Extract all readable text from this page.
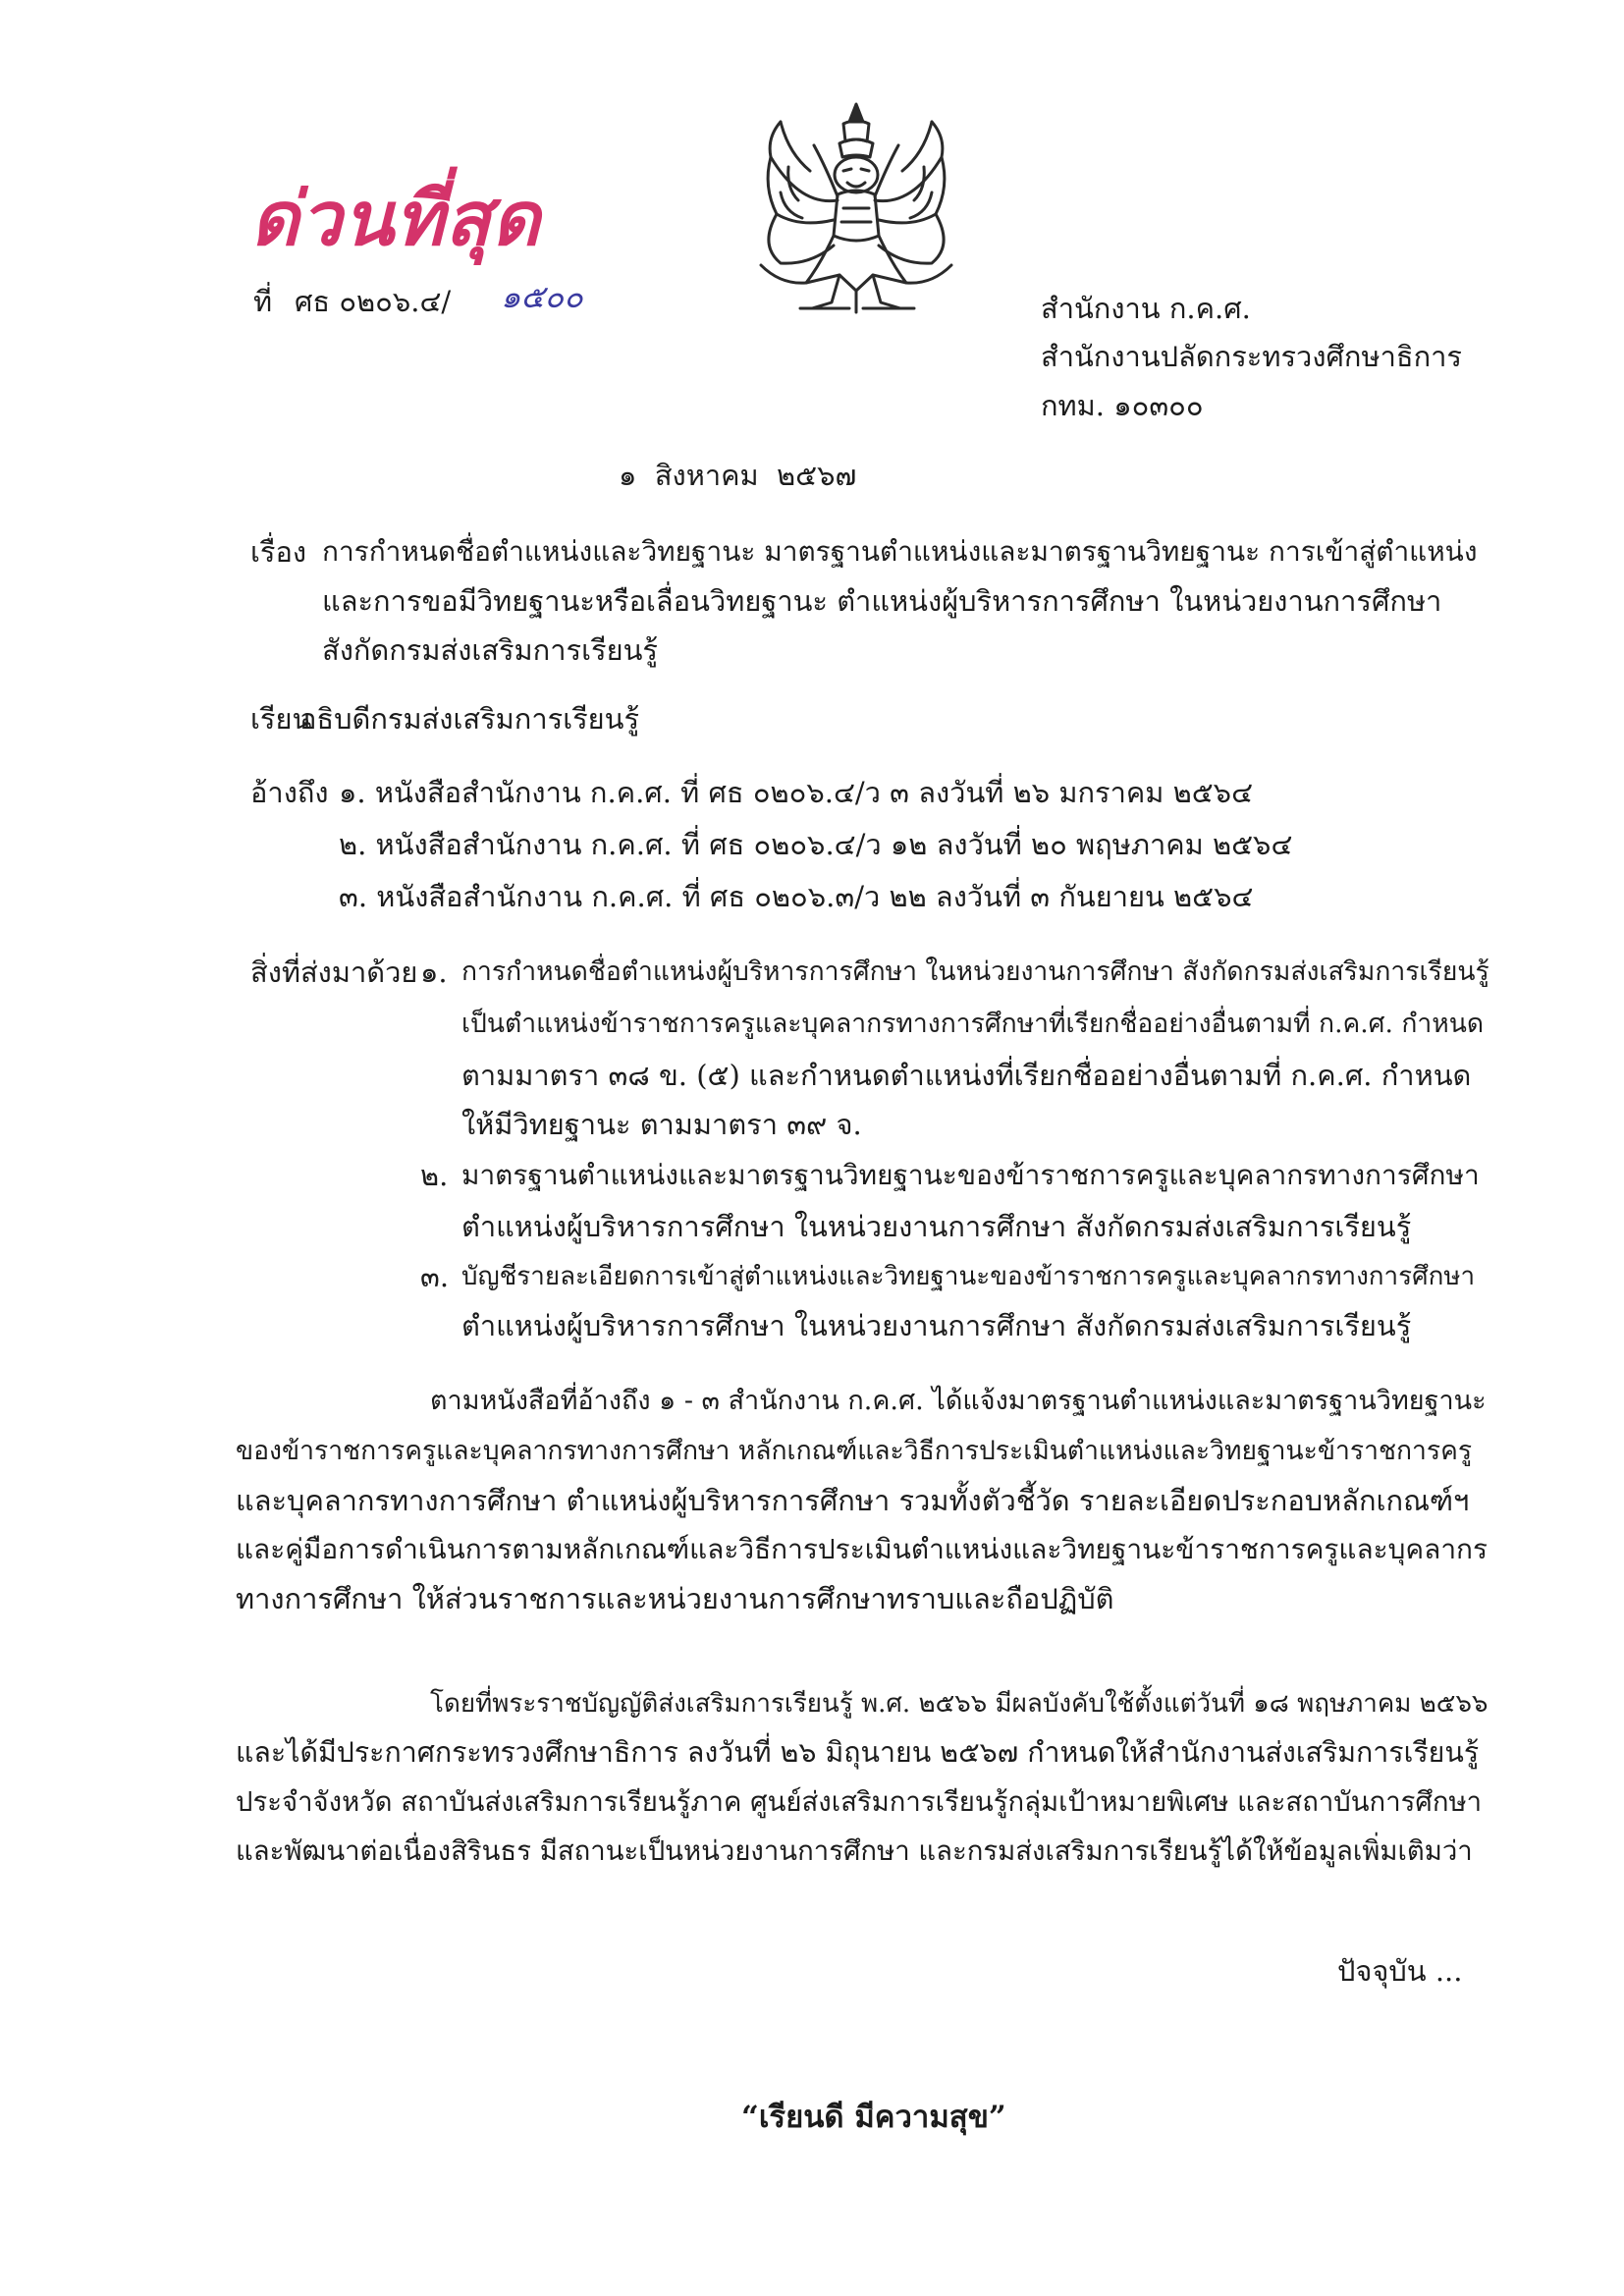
ด่วนที่สุด
ที่ ศธ ๐๒๐๖.๔/ ๑๕๐๐	สำนักงาน ก.ค.ศ.
สำนักงานปลัดกระทรวงศึกษาธิการ
กทม. ๑๐๓๐๐
๑  สิงหาคม  ๒๕๖๗
เรื่อง การกำหนดชื่อตำแหน่งและวิทยฐานะ มาตรฐานตำแหน่งและมาตรฐานวิทยฐานะ การเข้าสู่ตำแหน่ง
และการขอมีวิทยฐานะหรือเลื่อนวิทยฐานะ ตำแหน่งผู้บริหารการศึกษา ในหน่วยงานการศึกษา
สังกัดกรมส่งเสริมการเรียนรู้
เรียน
อธิบดีกรมส่งเสริมการเรียนรู้
อ้างถึง ๑. หนังสือสำนักงาน ก.ค.ศ. ที่ ศธ ๐๒๐๖.๔/ว ๓ ลงวันที่ ๒๖ มกราคม ๒๕๖๔
๒. หนังสือสำนักงาน ก.ค.ศ. ที่ ศธ ๐๒๐๖.๔/ว ๑๒ ลงวันที่ ๒๐ พฤษภาคม ๒๕๖๔
๓. หนังสือสำนักงาน ก.ค.ศ. ที่ ศธ ๐๒๐๖.๓/ว ๒๒ ลงวันที่ ๓ กันยายน ๒๕๖๔
สิ่งที่ส่งมาด้วย ๑. การกำหนดชื่อตำแหน่งผู้บริหารการศึกษา ในหน่วยงานการศึกษา สังกัดกรมส่งเสริมการเรียนรู้
เป็นตำแหน่งข้าราชการครูและบุคลากรทางการศึกษาที่เรียกชื่ออย่างอื่นตามที่ ก.ค.ศ. กำหนด
ตามมาตรา ๓๘ ข. (๕) และกำหนดตำแหน่งที่เรียกชื่ออย่างอื่นตามที่ ก.ค.ศ. กำหนด
ให้มีวิทยฐานะ ตามมาตรา ๓๙ จ.
๒. มาตรฐานตำแหน่งและมาตรฐานวิทยฐานะของข้าราชการครูและบุคลากรทางการศึกษา
ตำแหน่งผู้บริหารการศึกษา ในหน่วยงานการศึกษา สังกัดกรมส่งเสริมการเรียนรู้
๓. บัญชีรายละเอียดการเข้าสู่ตำแหน่งและวิทยฐานะของข้าราชการครูและบุคลากรทางการศึกษา
ตำแหน่งผู้บริหารการศึกษา ในหน่วยงานการศึกษา สังกัดกรมส่งเสริมการเรียนรู้
ตามหนังสือที่อ้างถึง ๑ - ๓ สำนักงาน ก.ค.ศ. ได้แจ้งมาตรฐานตำแหน่งและมาตรฐานวิทยฐานะ
ของข้าราชการครูและบุคลากรทางการศึกษา หลักเกณฑ์และวิธีการประเมินตำแหน่งและวิทยฐานะข้าราชการครู
และบุคลากรทางการศึกษา ตำแหน่งผู้บริหารการศึกษา รวมทั้งตัวชี้วัด รายละเอียดประกอบหลักเกณฑ์ฯ
และคู่มือการดำเนินการตามหลักเกณฑ์และวิธีการประเมินตำแหน่งและวิทยฐานะข้าราชการครูและบุคลากร
ทางการศึกษา ให้ส่วนราชการและหน่วยงานการศึกษาทราบและถือปฏิบัติ
โดยที่พระราชบัญญัติส่งเสริมการเรียนรู้ พ.ศ. ๒๕๖๖ มีผลบังคับใช้ตั้งแต่วันที่ ๑๘ พฤษภาคม ๒๕๖๖
และได้มีประกาศกระทรวงศึกษาธิการ ลงวันที่ ๒๖ มิถุนายน ๒๕๖๗ กำหนดให้สำนักงานส่งเสริมการเรียนรู้
ประจำจังหวัด สถาบันส่งเสริมการเรียนรู้ภาค ศูนย์ส่งเสริมการเรียนรู้กลุ่มเป้าหมายพิเศษ และสถาบันการศึกษา
และพัฒนาต่อเนื่องสิรินธร มีสถานะเป็นหน่วยงานการศึกษา และกรมส่งเสริมการเรียนรู้ได้ให้ข้อมูลเพิ่มเติมว่า
ปัจจุบัน ...
“เรียนดี มีความสุข”
